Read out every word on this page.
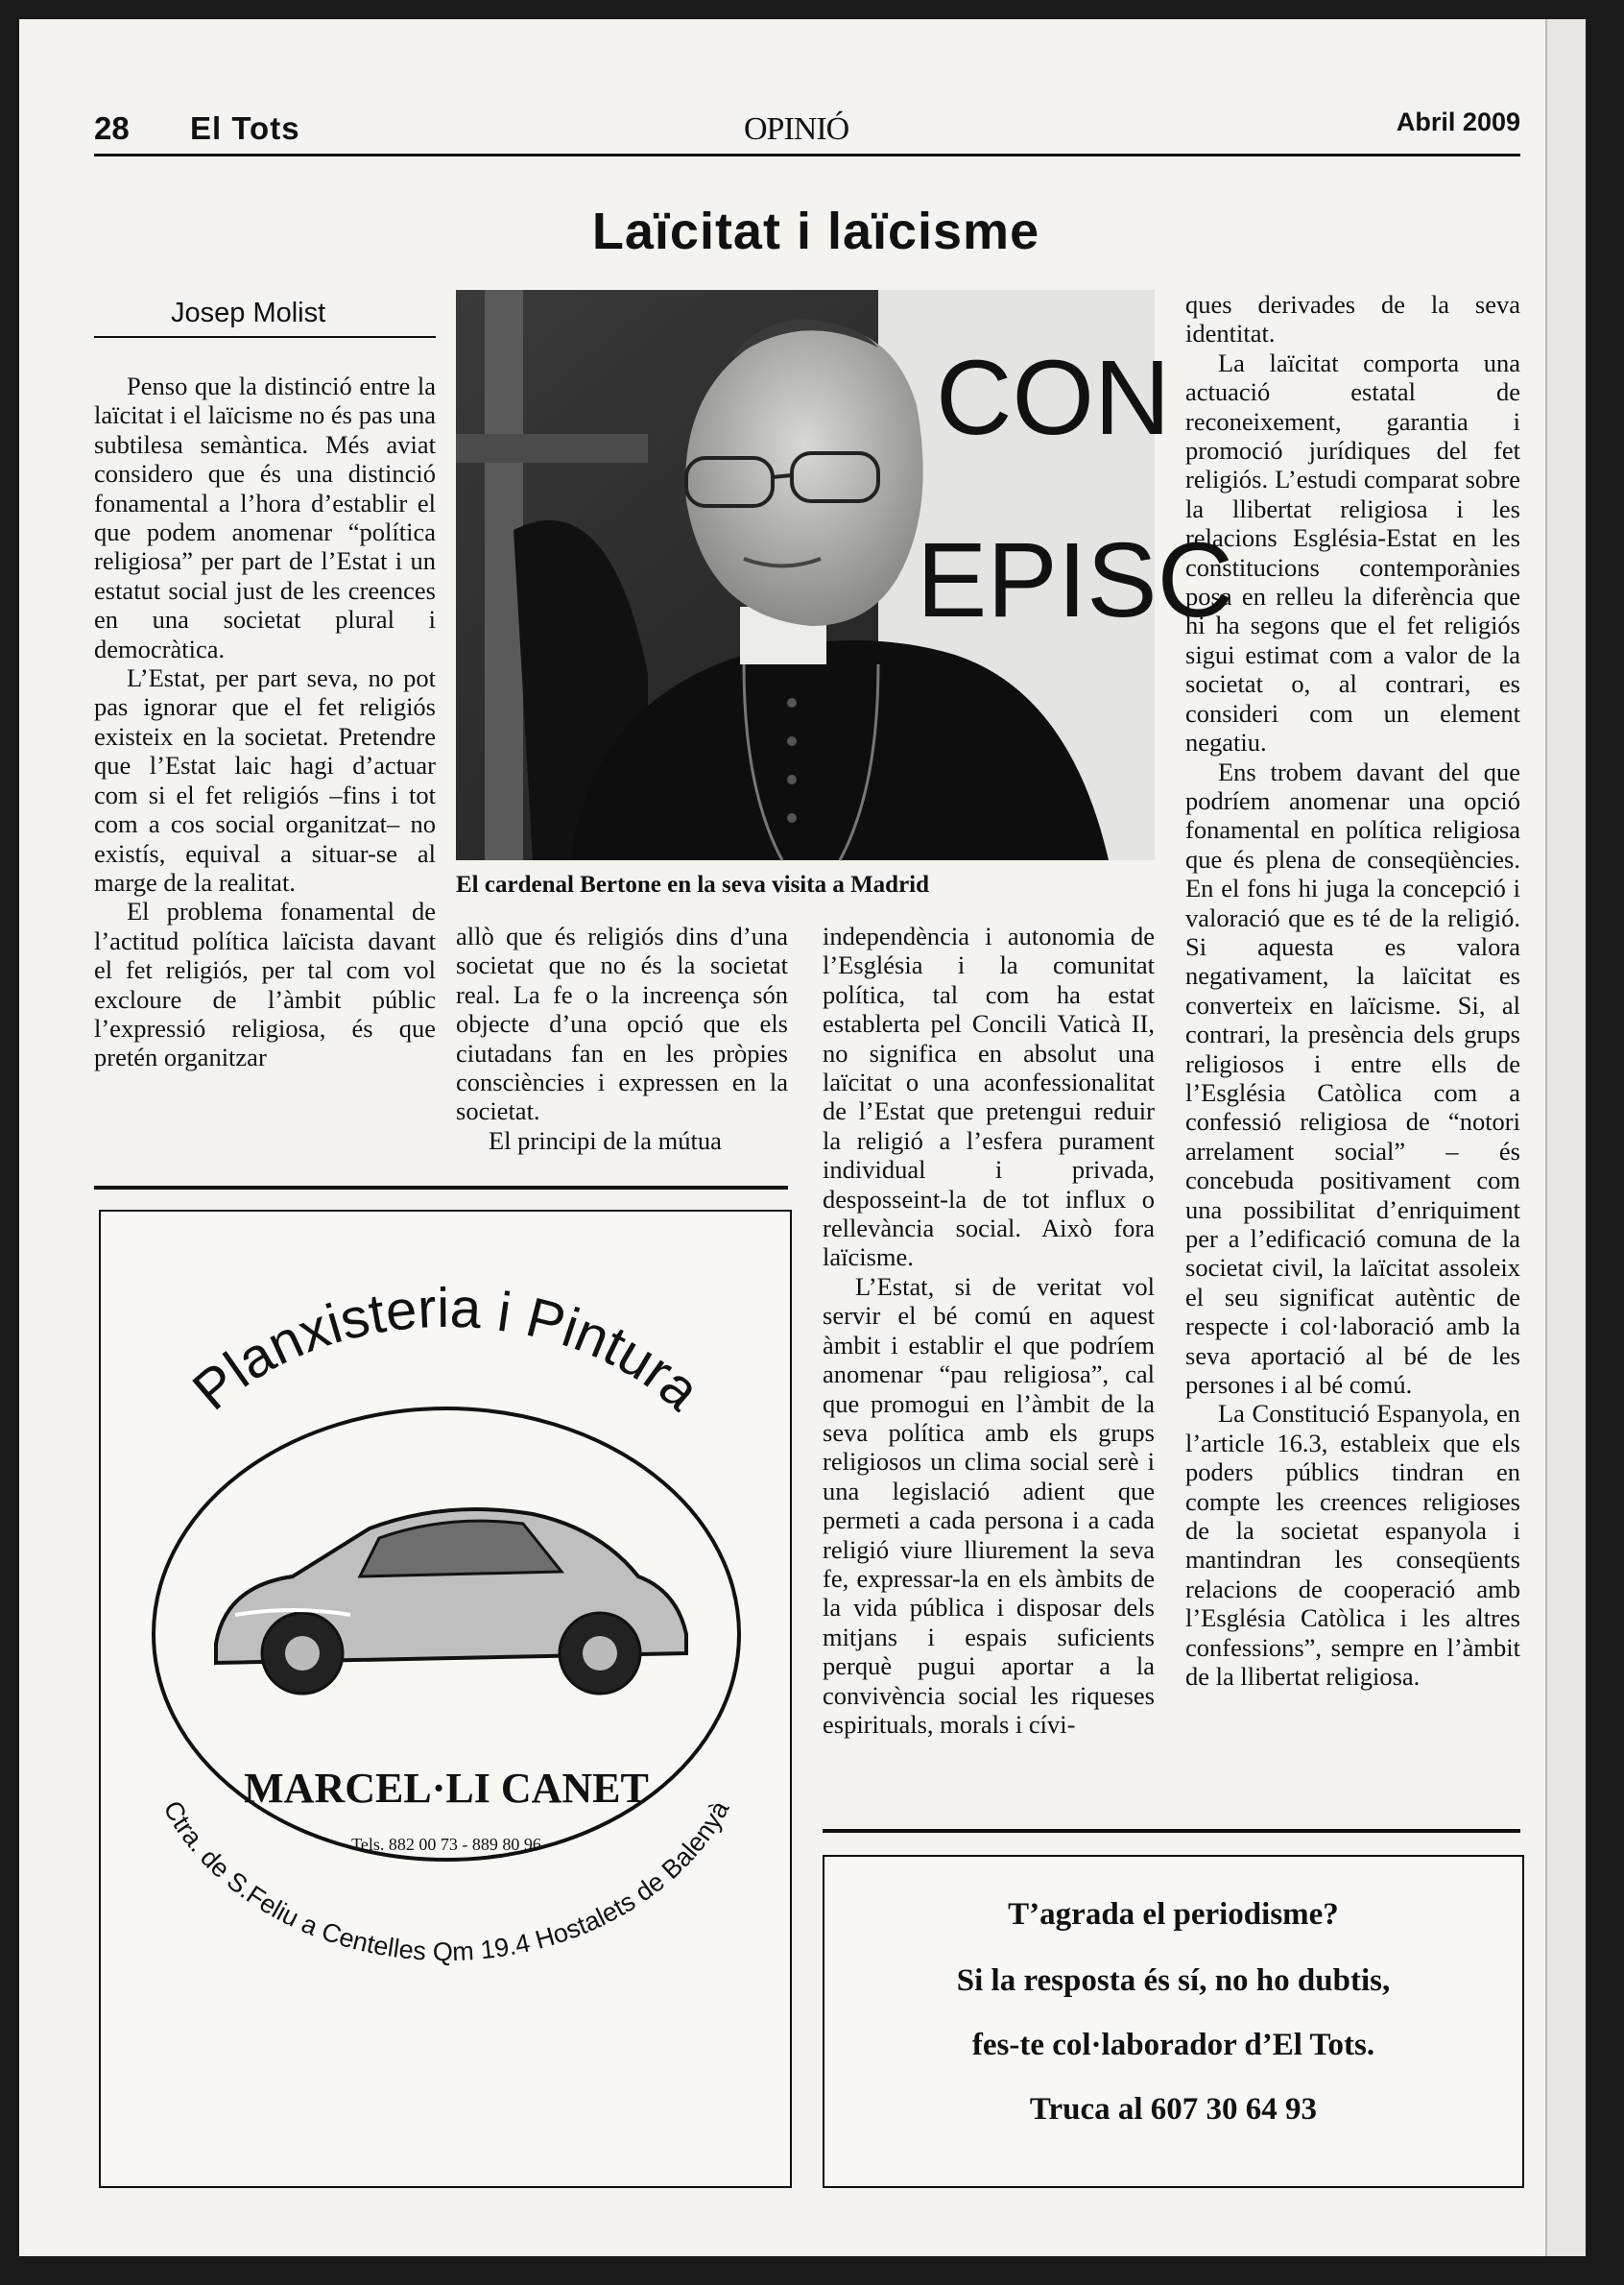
28 El Tots	OPINIÓ	Abril 2009
Laïcitat i laïcisme
Josep Molist

Penso que la distinció entre la laïcitat i el laïcisme no és pas una subtilesa semàntica. Més aviat considero que és una distinció fonamental a l’hora d’establir el que podem anomenar “política religiosa” per part de l’Estat i un estatut social just de les creences en una societat plural i democràtica.

L’Estat, per part seva, no pot pas ignorar que el fet religiós existeix en la societat. Pretendre que l’Estat laic hagi d’actuar com si el fet religiós –fins i tot com a cos social organitzat– no existís, equival a situar-se al marge de la realitat.

El problema fonamental de l’actitud política laïcista davant el fet religiós, per tal com vol excloure de l’àmbit públic l’expressió religiosa, és que pretén organitzar

CON
EPISC
El cardenal Bertone en la seva visita a Madrid

allò que és religiós dins d’una societat que no és la societat real. La fe o la increença són objecte d’una opció que els ciutadans fan en les pròpies consciències i expressen en la societat.

El principi de la mútua

independència i autonomia de l’Església i la comunitat política, tal com ha estat establerta pel Concili Vaticà II, no significa en absolut una laïcitat o una aconfessionalitat de l’Estat que pretengui reduir la religió a l’esfera purament individual i privada, desposseint-la de tot influx o rellevància social. Això fora laïcisme.

L’Estat, si de veritat vol servir el bé comú en aquest àmbit i establir el que podríem anomenar “pau religiosa”, cal que promogui en l’àmbit de la seva política amb els grups religiosos un clima social serè i una legislació adient que permeti a cada persona i a cada religió viure lliurement la seva fe, expressar-la en els àmbits de la vida pública i disposar dels mitjans i espais suficients perquè pugui aportar a la convivència social les riqueses espirituals, morals i cívi-

ques derivades de la seva identitat.

La laïcitat comporta una actuació estatal de reconeixement, garantia i promoció jurídiques del fet religiós. L’estudi comparat sobre la llibertat religiosa i les relacions Església-Estat en les constitucions contemporànies posa en relleu la diferència que hi ha segons que el fet religiós sigui estimat com a valor de la societat o, al contrari, es consideri com un element negatiu.

Ens trobem davant del que podríem anomenar una opció fonamental en política religiosa que és plena de conseqüències. En el fons hi juga la concepció i valoració que es té de la religió. Si aquesta es valora negativament, la laïcitat es converteix en laïcisme. Si, al contrari, la presència dels grups religiosos i entre ells de l’Església Catòlica com a confessió religiosa de “notori arrelament social” – és concebuda positivament com una possibilitat d’enriquiment per a l’edificació comuna de la societat civil, la laïcitat assoleix el seu significat autèntic de respecte i col·laboració amb la seva aportació al bé de les persones i al bé comú.

La Constitució Espanyola, en l’article 16.3, estableix que els poders públics tindran en compte les creences religioses de la societat espanyola i mantindran les conseqüents relacions de cooperació amb l’Església Catòlica i les altres confessions”, sempre en l’àmbit de la llibertat religiosa.

Planxisteria i Pintura
MARCEL·LI CANET
Tels. 882 00 73 - 889 80 96
Ctra. de S.Feliu a Centelles Qm 19.4 Hostalets de Balenyà

T’agrada el periodisme?

Si la resposta és sí, no ho dubtis,

fes-te col·laborador d’El Tots.

Truca al 607 30 64 93
